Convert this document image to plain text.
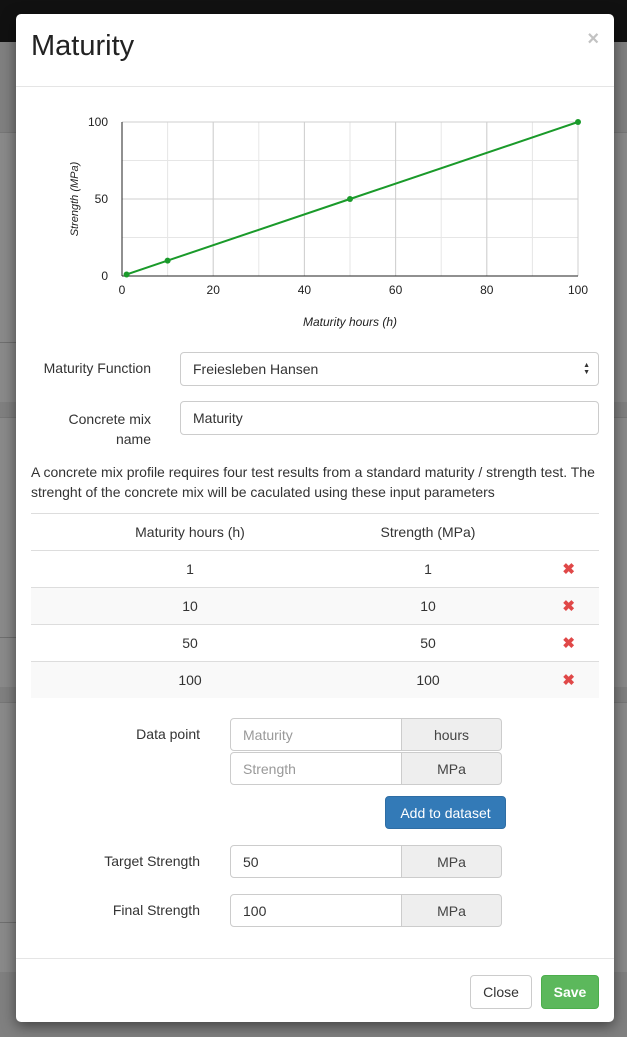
Maturity	×
0	20	40	60	80	100
0
50
100
Maturity hours (h)
Strength (MPa)
Maturity Function	Freiesleben Hansen	▲
▼
Concrete mix
name
Maturity
A concrete mix profile requires four test results from a standard maturity / strength test. The strenght of the concrete mix will be caculated using these input parameters
Maturity hours (h)	Strength (MPa)
1	1	✖
10	10	✖
50	50	✖
100	100	✖
Data point	Maturity	hours
Strength	MPa
Add to dataset
Target Strength	50	MPa
Final Strength	100	MPa
Close	Save
